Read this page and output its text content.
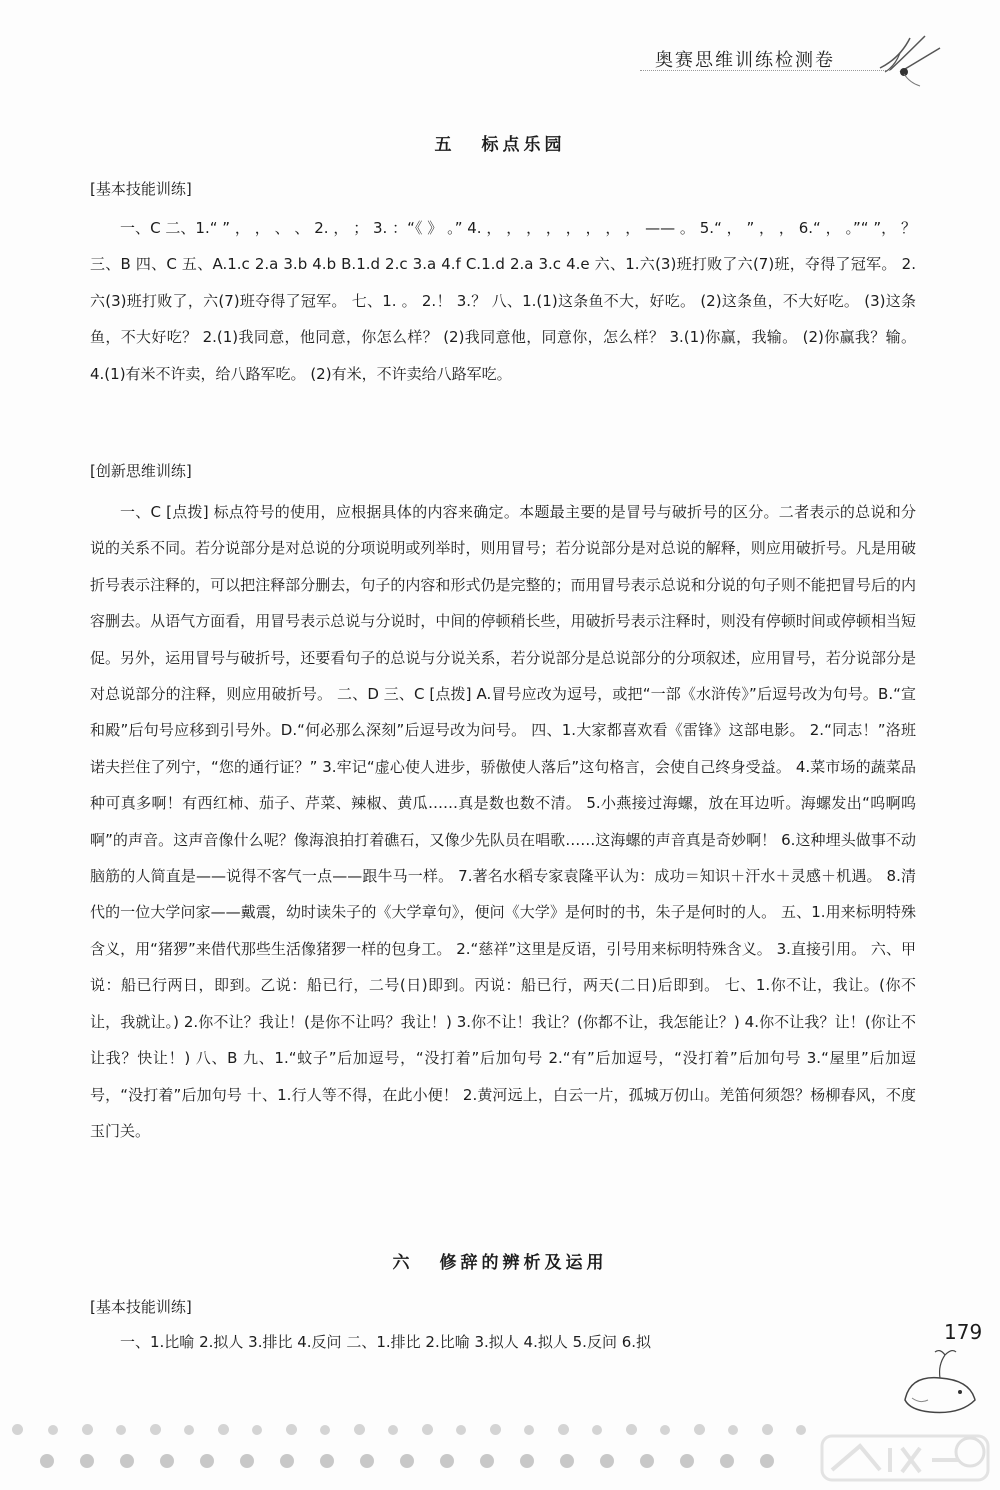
奥赛思维训练检测卷
五 标点乐园
[基本技能训练]

一、C 二、1.“ ” ， ， 、 、 2. ， ； 3. ：“《 》 。” 4. ， ， ， ， ， ， ， ， —— 。 5.“ ， ” ， ， 6.“ ， 。”“ ”， ？ 三、B 四、C 五、A.1.c 2.a 3.b 4.b B.1.d 2.c 3.a 4.f C.1.d 2.a 3.c 4.e 六、1.六(3)班打败了六(7)班，夺得了冠军。 2.六(3)班打败了，六(7)班夺得了冠军。 七、1. 。 2.！ 3.？ 八、1.(1)这条鱼不大，好吃。 (2)这条鱼，不大好吃。 (3)这条鱼，不大好吃？ 2.(1)我同意，他同意，你怎么样？ (2)我同意他，同意你，怎么样？ 3.(1)你赢，我输。 (2)你赢我？输。 4.(1)有米不许卖，给八路军吃。 (2)有米，不许卖给八路军吃。

[创新思维训练]

一、C [点拨] 标点符号的使用，应根据具体的内容来确定。本题最主要的是冒号与破折号的区分。二者表示的总说和分说的关系不同。若分说部分是对总说的分项说明或列举时，则用冒号；若分说部分是对总说的解释，则应用破折号。凡是用破折号表示注释的，可以把注释部分删去，句子的内容和形式仍是完整的；而用冒号表示总说和分说的句子则不能把冒号后的内容删去。从语气方面看，用冒号表示总说与分说时，中间的停顿稍长些，用破折号表示注释时，则没有停顿时间或停顿相当短促。另外，运用冒号与破折号，还要看句子的总说与分说关系，若分说部分是总说部分的分项叙述，应用冒号，若分说部分是对总说部分的注释，则应用破折号。 二、D 三、C [点拨] A.冒号应改为逗号，或把“一部《水浒传》”后逗号改为句号。B.“宣和殿”后句号应移到引号外。D.“何必那么深刻”后逗号改为问号。 四、1.大家都喜欢看《雷锋》这部电影。 2.“同志！”洛班诺夫拦住了列宁，“您的通行证？” 3.牢记“虚心使人进步，骄傲使人落后”这句格言，会使自己终身受益。 4.菜市场的蔬菜品种可真多啊！有西红柿、茄子、芹菜、辣椒、黄瓜……真是数也数不清。 5.小燕接过海螺，放在耳边听。海螺发出“呜啊呜啊”的声音。这声音像什么呢？像海浪拍打着礁石，又像少先队员在唱歌……这海螺的声音真是奇妙啊！ 6.这种埋头做事不动脑筋的人简直是——说得不客气一点——跟牛马一样。 7.著名水稻专家袁隆平认为：成功＝知识＋汗水＋灵感＋机遇。 8.清代的一位大学问家——戴震，幼时读朱子的《大学章句》，便问《大学》是何时的书，朱子是何时的人。 五、1.用来标明特殊含义，用“猪猡”来借代那些生活像猪猡一样的包身工。 2.“慈祥”这里是反语，引号用来标明特殊含义。 3.直接引用。 六、甲说：船已行两日，即到。乙说：船已行，二号(日)即到。丙说：船已行，两天(二日)后即到。 七、1.你不让，我让。(你不让，我就让。) 2.你不让？我让！(是你不让吗？我让！) 3.你不让！我让？(你都不让，我怎能让？) 4.你不让我？让！(你让不让我？快让！) 八、B 九、1.“蚊子”后加逗号，“没打着”后加句号 2.“有”后加逗号，“没打着”后加句号 3.“屋里”后加逗号，“没打着”后加句号 十、1.行人等不得，在此小便！ 2.黄河远上，白云一片，孤城万仞山。羌笛何须怨？杨柳春风，不度玉门关。

六 修辞的辨析及运用
[基本技能训练]

一、1.比喻 2.拟人 3.排比 4.反问 二、1.排比 2.比喻 3.拟人 4.拟人 5.反问 6.拟	179
